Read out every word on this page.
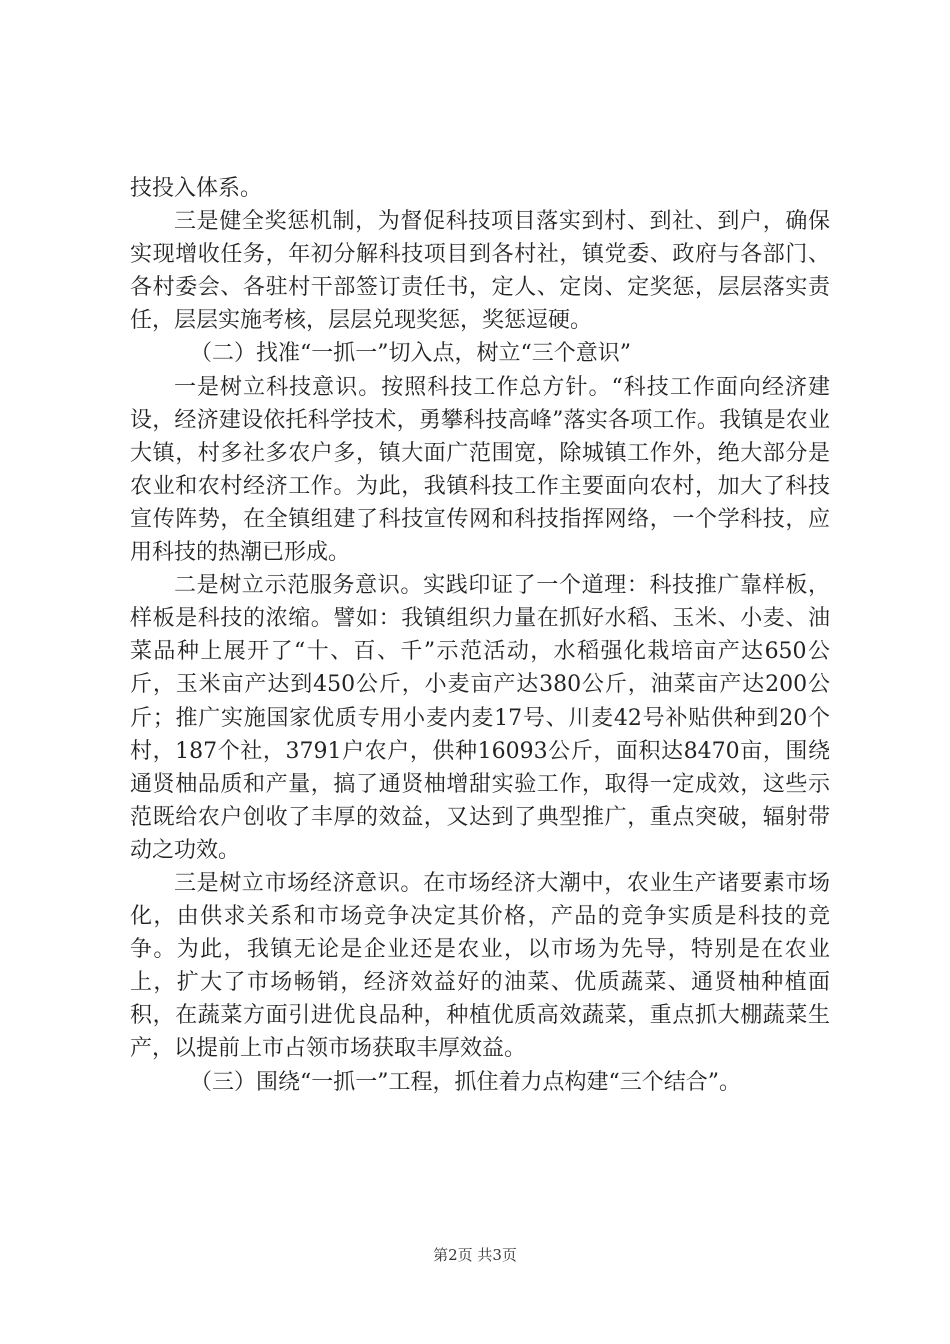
技投入体系。

三是健全奖惩机制，为督促科技项目落实到村、到社、到户，确保实现增收任务，年初分解科技项目到各村社，镇党委、政府与各部门、各村委会、各驻村干部签订责任书，定人、定岗、定奖惩，层层落实责任，层层实施考核，层层兑现奖惩，奖惩逗硬。

（二）找准“一抓一”切入点，树立“三个意识”

一是树立科技意识。按照科技工作总方针。“科技工作面向经济建设，经济建设依托科学技术，勇攀科技高峰”落实各项工作。我镇是农业大镇，村多社多农户多，镇大面广范围宽，除城镇工作外，绝大部分是农业和农村经济工作。为此，我镇科技工作主要面向农村，加大了科技宣传阵势，在全镇组建了科技宣传网和科技指挥网络，一个学科技，应用科技的热潮已形成。

二是树立示范服务意识。实践印证了一个道理：科技推广靠样板，样板是科技的浓缩。譬如：我镇组织力量在抓好水稻、玉米、小麦、油菜品种上展开了“十、百、千”示范活动，水稻强化栽培亩产达650公斤，玉米亩产达到450公斤，小麦亩产达380公斤，油菜亩产达200公斤；推广实施国家优质专用小麦内麦17号、川麦42号补贴供种到20个村，187个社，3791户农户，供种16093公斤，面积达8470亩，围绕通贤柚品质和产量，搞了通贤柚增甜实验工作，取得一定成效，这些示范既给农户创收了丰厚的效益，又达到了典型推广，重点突破，辐射带动之功效。

三是树立市场经济意识。在市场经济大潮中，农业生产诸要素市场化，由供求关系和市场竞争决定其价格，产品的竞争实质是科技的竞争。为此，我镇无论是企业还是农业，以市场为先导，特别是在农业上，扩大了市场畅销，经济效益好的油菜、优质蔬菜、通贤柚种植面积，在蔬菜方面引进优良品种，种植优质高效蔬菜，重点抓大棚蔬菜生产，以提前上市占领市场获取丰厚效益。

（三）围绕“一抓一”工程，抓住着力点构建“三个结合”。

第2页 共3页
